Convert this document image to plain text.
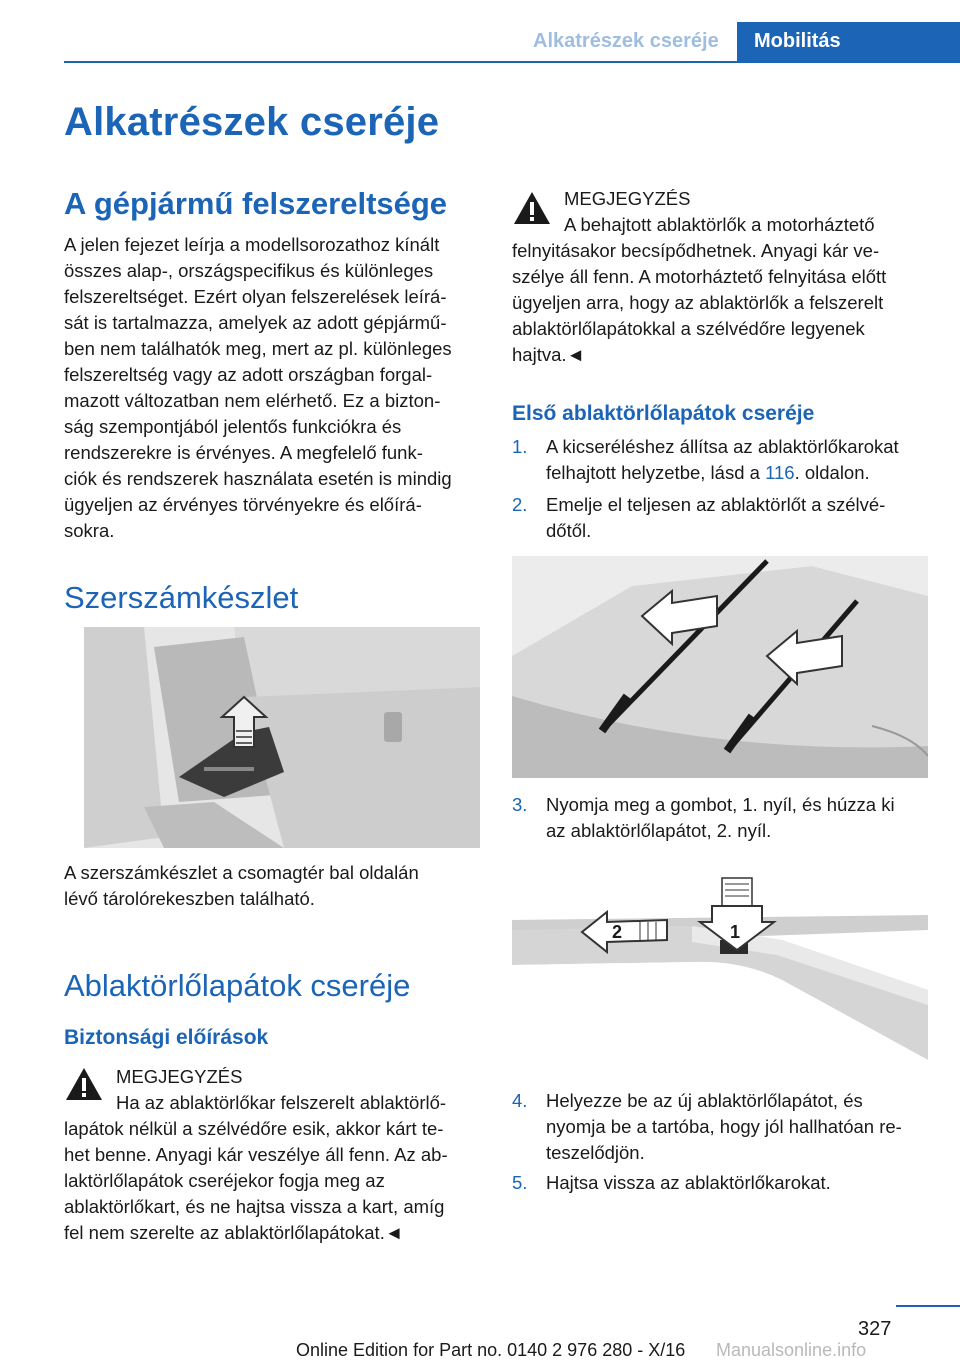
Alkatrészek cseréje Mobilitás
Alkatrészek cseréje
A gépjármű felszereltsége
A jelen fejezet leírja a modellsorozathoz kínált
összes alap-, országspecifikus és különleges
felszereltséget. Ezért olyan felszerelések leírá-
sát is tartalmazza, amelyek az adott gépjármű-
ben nem találhatók meg, mert az pl. különleges
felszereltség vagy az adott országban forgal-
mazott változatban nem elérhető. Ez a bizton-
ság szempontjából jelentős funkciókra és
rendszerekre is érvényes. A megfelelő funk-
ciók és rendszerek használata esetén is mindig
ügyeljen az érvényes törvényekre és előírá-
sokra.
Szerszámkészlet
A szerszámkészlet a csomagtér bal oldalán
lévő tárolórekeszben található.
Ablaktörlőlapátok cseréje
Biztonsági előírások
MEGJEGYZÉS
Ha az ablaktörlőkar felszerelt ablaktörlő-
lapátok nélkül a szélvédőre esik, akkor kárt te-
het benne. Anyagi kár veszélye áll fenn. Az ab-
laktörlőlapátok cseréjekor fogja meg az
ablaktörlőkart, és ne hajtsa vissza a kart, amíg
fel nem szerelte az ablaktörlőlapátokat.◄
MEGJEGYZÉS
A behajtott ablaktörlők a motorháztető
felnyitásakor becsípődhetnek. Anyagi kár ve-
szélye áll fenn. A motorháztető felnyitása előtt
ügyeljen arra, hogy az ablaktörlők a felszerelt
ablaktörlőlapátokkal a szélvédőre legyenek
hajtva.◄
Első ablaktörlőlapátok cseréje
1. A kicseréléshez állítsa az ablaktörlőkarokat
felhajtott helyzetbe, lásd a 116. oldalon.
2. Emelje el teljesen az ablaktörlőt a szélvé-
dőtől.
3. Nyomja meg a gombot, 1. nyíl, és húzza ki
az ablaktörlőlapátot, 2. nyíl.
1
2
4. Helyezze be az új ablaktörlőlapátot, és
nyomja be a tartóba, hogy jól hallhatóan re-
teszelődjön.
5. Hajtsa vissza az ablaktörlőkarokat.
327
Online Edition for Part no. 0140 2 976 280 - X/16 Manualsonline.info
